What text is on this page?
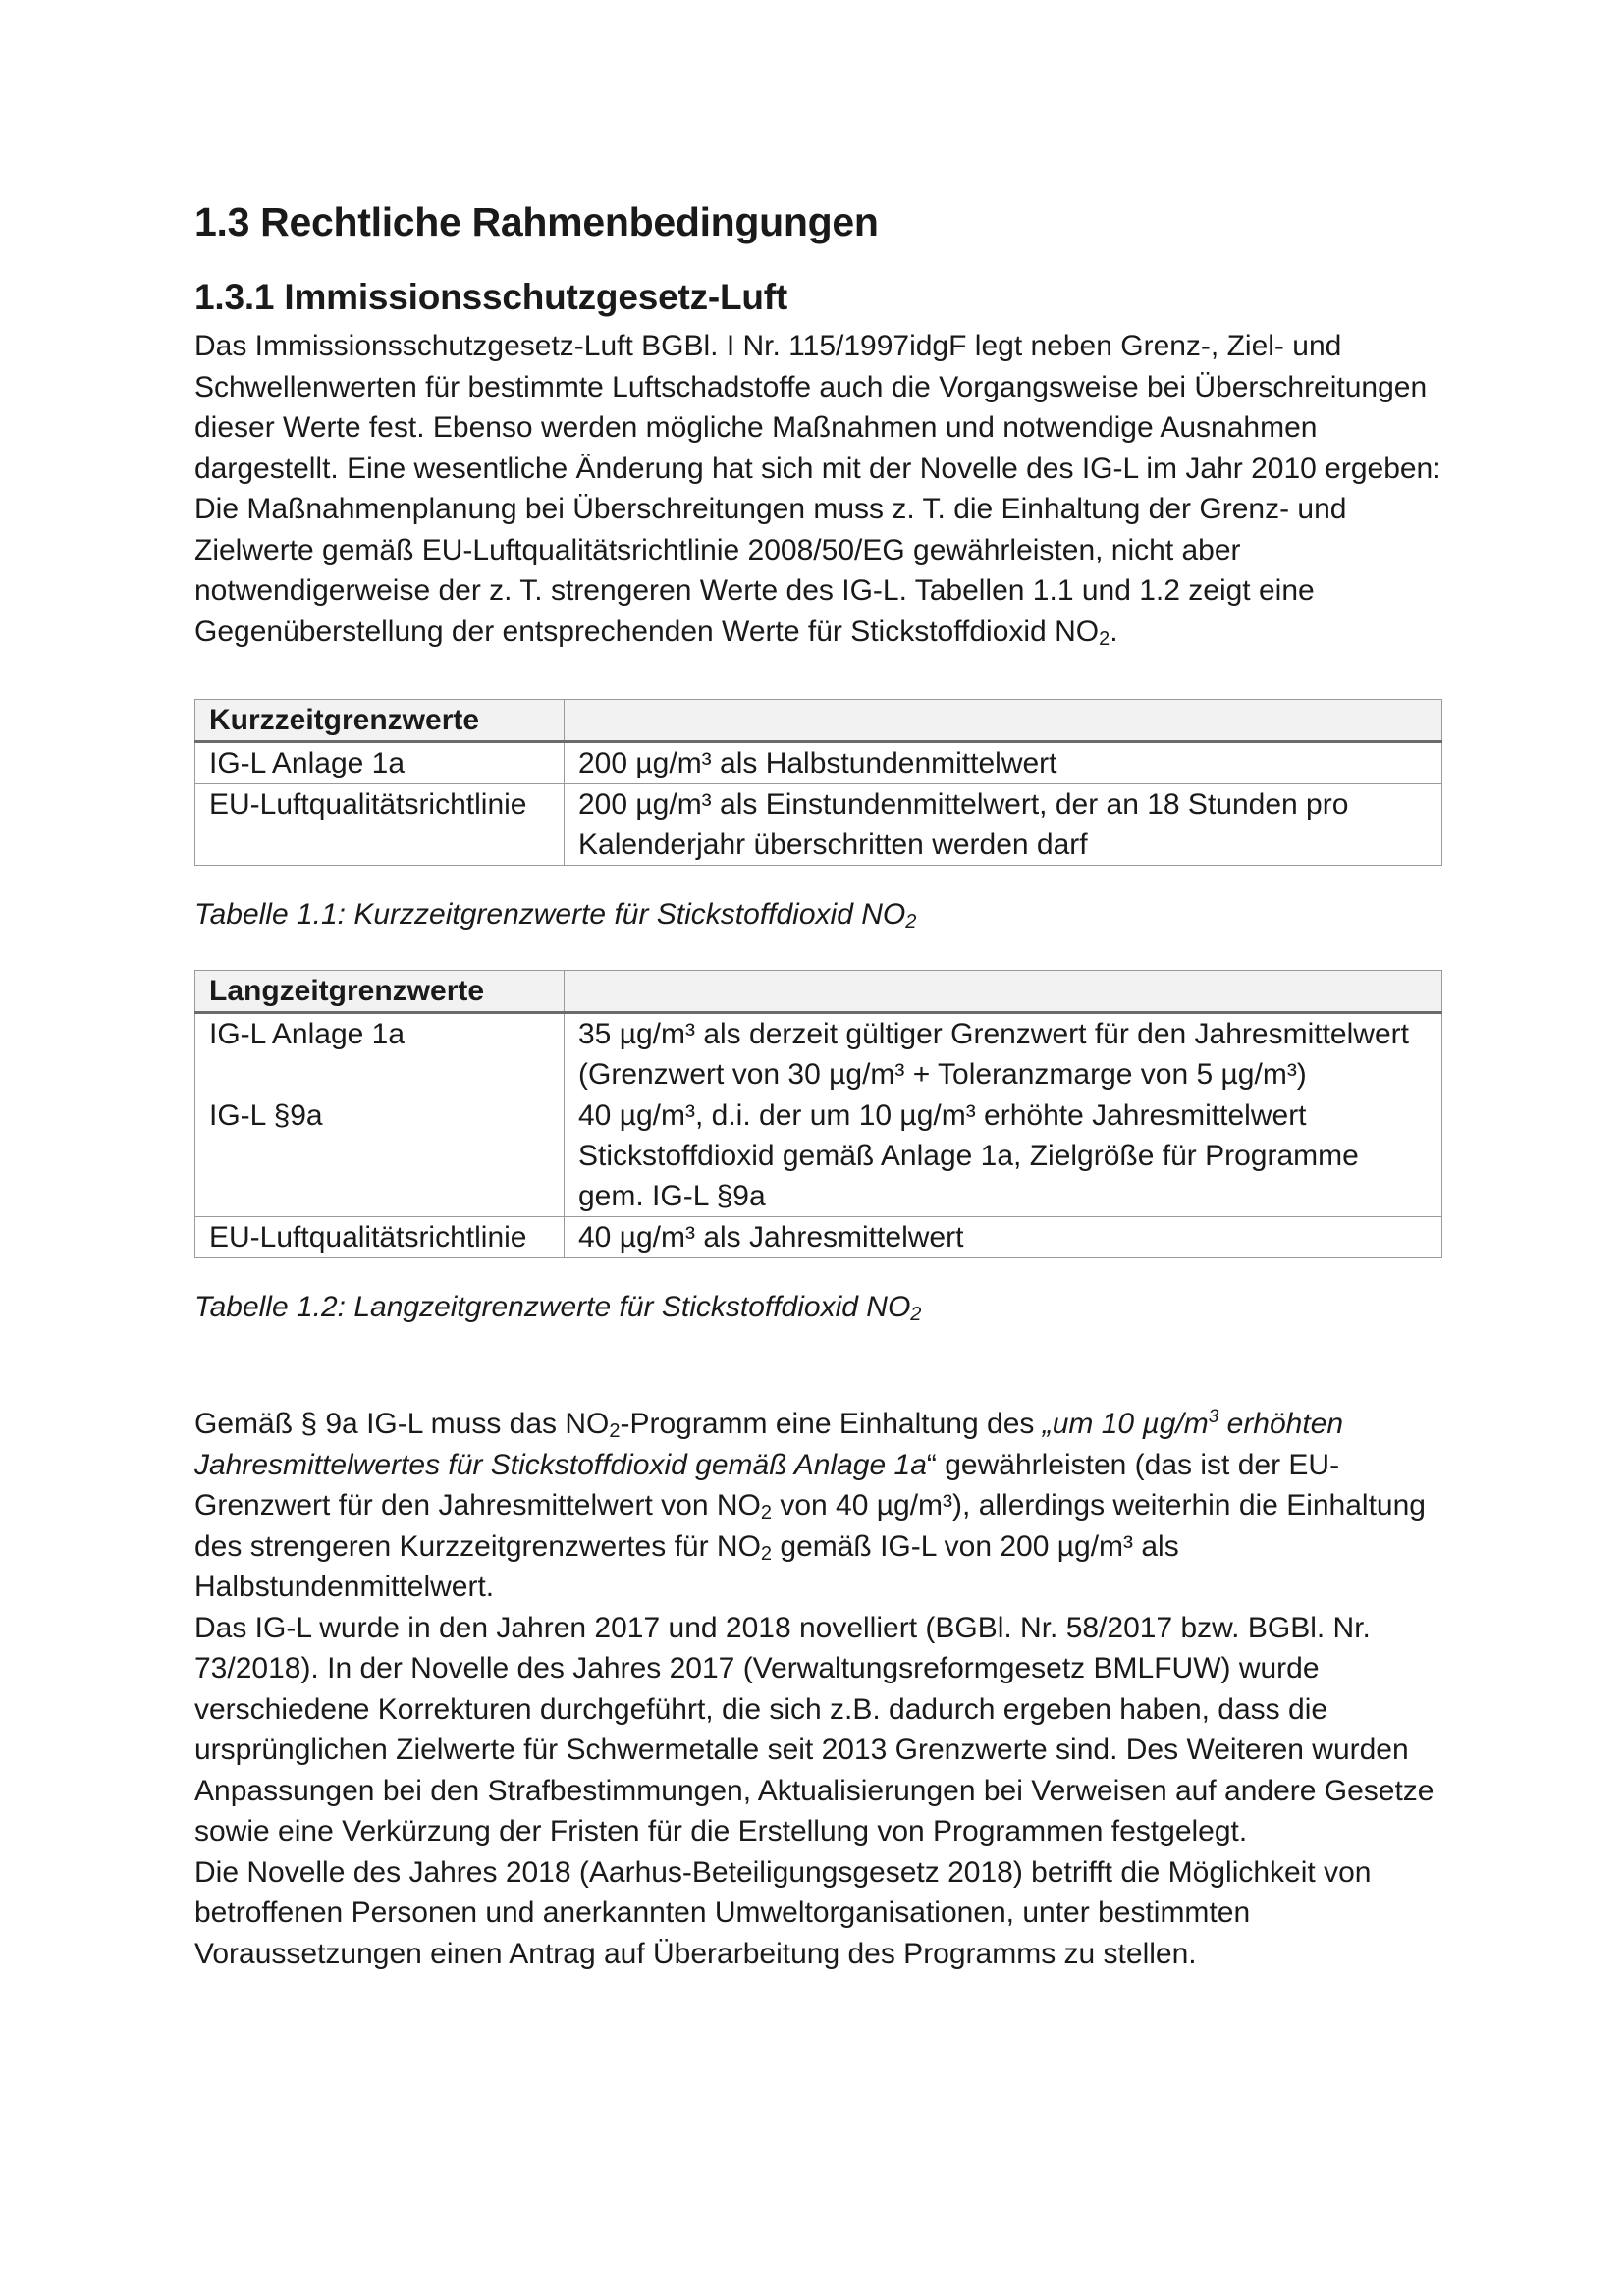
1.3 Rechtliche Rahmenbedingungen
1.3.1 Immissionsschutzgesetz-Luft

Das Immissionsschutzgesetz-Luft BGBl. I Nr. 115/1997idgF legt neben Grenz-, Ziel- und Schwellenwerten für bestimmte Luftschadstoffe auch die Vorgangsweise bei Überschreitungen dieser Werte fest. Ebenso werden mögliche Maßnahmen und notwendige Ausnahmen dargestellt. Eine wesentliche Änderung hat sich mit der Novelle des IG-L im Jahr 2010 ergeben: Die Maßnahmenplanung bei Überschreitungen muss z. T. die Einhaltung der Grenz- und Zielwerte gemäß EU-Luftqualitätsrichtlinie 2008/50/EG gewährleisten, nicht aber notwendigerweise der z. T. strengeren Werte des IG-L. Tabellen 1.1 und 1.2 zeigt eine Gegenüberstellung der entsprechenden Werte für Stickstoffdioxid $NO_2$.

Kurzzeitgrenzwerte	
IG-L Anlage 1a	200 µg/m³ als Halbstundenmittelwert
EU-Luftqualitätsrichtlinie	200 µg/m³ als Einstundenmittelwert, der an 18 Stunden pro Kalenderjahr überschritten werden darf

Tabelle 1.1: Kurzzeitgrenzwerte für Stickstoffdioxid $NO_2$

Langzeitgrenzwerte	
IG-L Anlage 1a	35 µg/m³ als derzeit gültiger Grenzwert für den Jahresmittelwert (Grenzwert von 30 µg/m³ + Toleranzmarge von 5 µg/m³)
IG-L §9a	40 µg/m³, d.i. der um 10 µg/m³ erhöhte Jahresmittelwert Stickstoffdioxid gemäß Anlage 1a, Zielgröße für Programme gem. IG-L §9a
EU-Luftqualitätsrichtlinie	40 µg/m³ als Jahresmittelwert

Tabelle 1.2: Langzeitgrenzwerte für Stickstoffdioxid $NO_2$

Gemäß § 9a IG-L muss das $NO_2$-Programm eine Einhaltung des „um 10 $\mu g/m^3$ erhöhten Jahresmittelwertes für Stickstoffdioxid gemäß Anlage 1a“ gewährleisten (das ist der EU-Grenzwert für den Jahresmittelwert von $NO_2$ von 40 µg/m³), allerdings weiterhin die Einhaltung des strengeren Kurzzeitgrenzwertes für $NO_2$ gemäß IG-L von 200 µg/m³ als Halbstundenmittelwert.

Das IG-L wurde in den Jahren 2017 und 2018 novelliert (BGBl. Nr. 58/2017 bzw. BGBl. Nr. 73/2018). In der Novelle des Jahres 2017 (Verwaltungsreformgesetz BMLFUW) wurde verschiedene Korrekturen durchgeführt, die sich z.B. dadurch ergeben haben, dass die ursprünglichen Zielwerte für Schwermetalle seit 2013 Grenzwerte sind. Des Weiteren wurden Anpassungen bei den Strafbestimmungen, Aktualisierungen bei Verweisen auf andere Gesetze sowie eine Verkürzung der Fristen für die Erstellung von Programmen festgelegt.

Die Novelle des Jahres 2018 (Aarhus-Beteiligungsgesetz 2018) betrifft die Möglichkeit von betroffenen Personen und anerkannten Umweltorganisationen, unter bestimmten Voraussetzungen einen Antrag auf Überarbeitung des Programms zu stellen.
